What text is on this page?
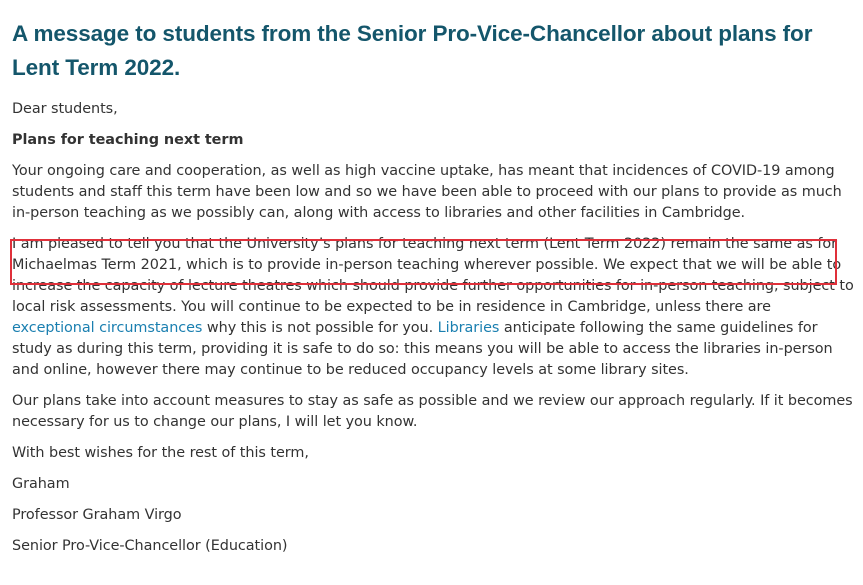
A message to students from the Senior Pro-Vice-Chancellor about plans for Lent Term 2022.

Dear students,

Plans for teaching next term

Your ongoing care and cooperation, as well as high vaccine uptake, has meant that incidences of COVID-19 among students and staff this term have been low and so we have been able to proceed with our plans to provide as much in-person teaching as we possibly can, along with access to libraries and other facilities in Cambridge.

I am pleased to tell you that the University’s plans for teaching next term (Lent Term 2022) remain the same as for Michaelmas Term 2021, which is to provide in-person teaching wherever possible. We expect that we will be able to increase the capacity of lecture theatres which should provide further opportunities for in-person teaching, subject to local risk assessments. You will continue to be expected to be in residence in Cambridge, unless there are exceptional circumstances why this is not possible for you. Libraries anticipate following the same guidelines for study as during this term, providing it is safe to do so: this means you will be able to access the libraries in-person and online, however there may continue to be reduced occupancy levels at some library sites.

Our plans take into account measures to stay as safe as possible and we review our approach regularly. If it becomes necessary for us to change our plans, I will let you know.

With best wishes for the rest of this term,

Graham

Professor Graham Virgo

Senior Pro-Vice-Chancellor (Education)
